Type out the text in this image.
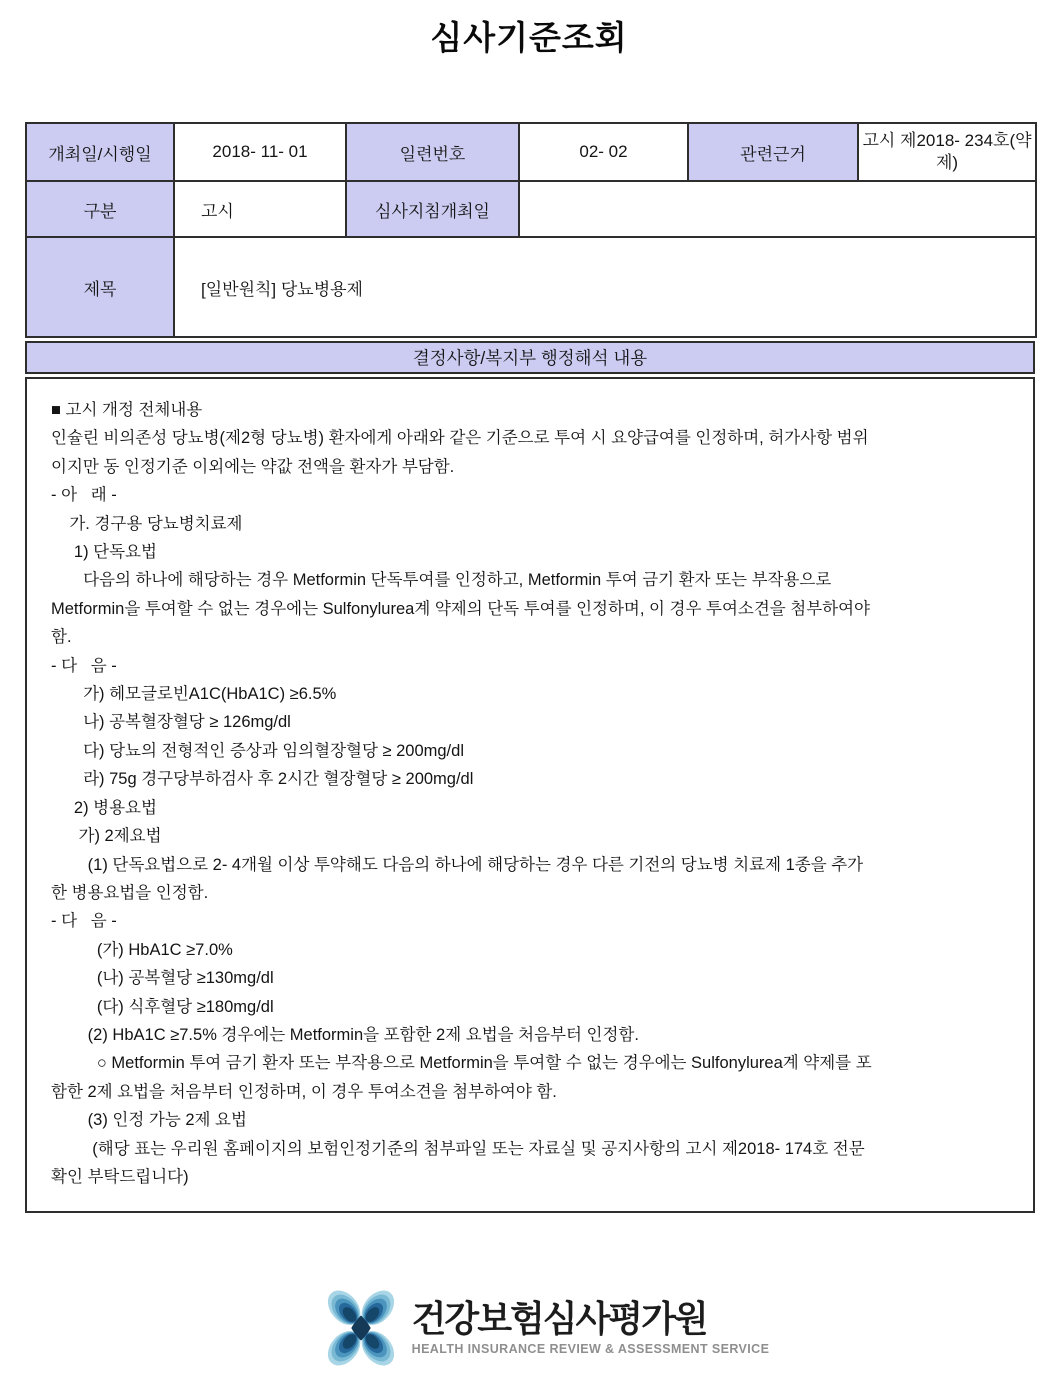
심사기준조회
개최일/시행일	2018- 11- 01	일련번호	02- 02	관련근거	고시 제2018- 234호(약제)
구분	고시	심사지침개최일			
제목	[일반원칙] 당뇨병용제				
결정사항/복지부 행정해석 내용
■ 고시 개정 전체내용
인슐린 비의존성 당뇨병(제2형 당뇨병) 환자에게 아래와 같은 기준으로 투여 시 요양급여를 인정하며, 허가사항 범위
이지만 동 인정기준 이외에는 약값 전액을 환자가 부담함.
- 아   래 -
가. 경구용 당뇨병치료제
1) 단독요법
다음의 하나에 해당하는 경우 Metformin 단독투여를 인정하고, Metformin 투여 금기 환자 또는 부작용으로
Metformin을 투여할 수 없는 경우에는 Sulfonylurea계 약제의 단독 투여를 인정하며, 이 경우 투여소견을 첨부하여야
함.
- 다   음 -
가) 헤모글로빈A1C(HbA1C) ≥6.5%
나) 공복혈장혈당 ≥ 126mg/dl
다) 당뇨의 전형적인 증상과 임의혈장혈당 ≥ 200mg/dl
라) 75g 경구당부하검사 후 2시간 혈장혈당 ≥ 200mg/dl
2) 병용요법
가) 2제요법
(1) 단독요법으로 2- 4개월 이상 투약해도 다음의 하나에 해당하는 경우 다른 기전의 당뇨병 치료제 1종을 추가
한 병용요법을 인정함.
- 다   음 -
(가) HbA1C ≥7.0%
(나) 공복혈당 ≥130mg/dl
(다) 식후혈당 ≥180mg/dl
(2) HbA1C ≥7.5% 경우에는 Metformin을 포함한 2제 요법을 처음부터 인정함.
○ Metformin 투여 금기 환자 또는 부작용으로 Metformin을 투여할 수 없는 경우에는 Sulfonylurea계 약제를 포
함한 2제 요법을 처음부터 인정하며, 이 경우 투여소견을 첨부하여야 함.
(3) 인정 가능 2제 요법
(해당 표는 우리원 홈페이지의 보험인정기준의 첨부파일 또는 자료실 및 공지사항의 고시 제2018- 174호 전문
확인 부탁드립니다)
건강보험심사평가원
HEALTH INSURANCE REVIEW & ASSESSMENT SERVICE
